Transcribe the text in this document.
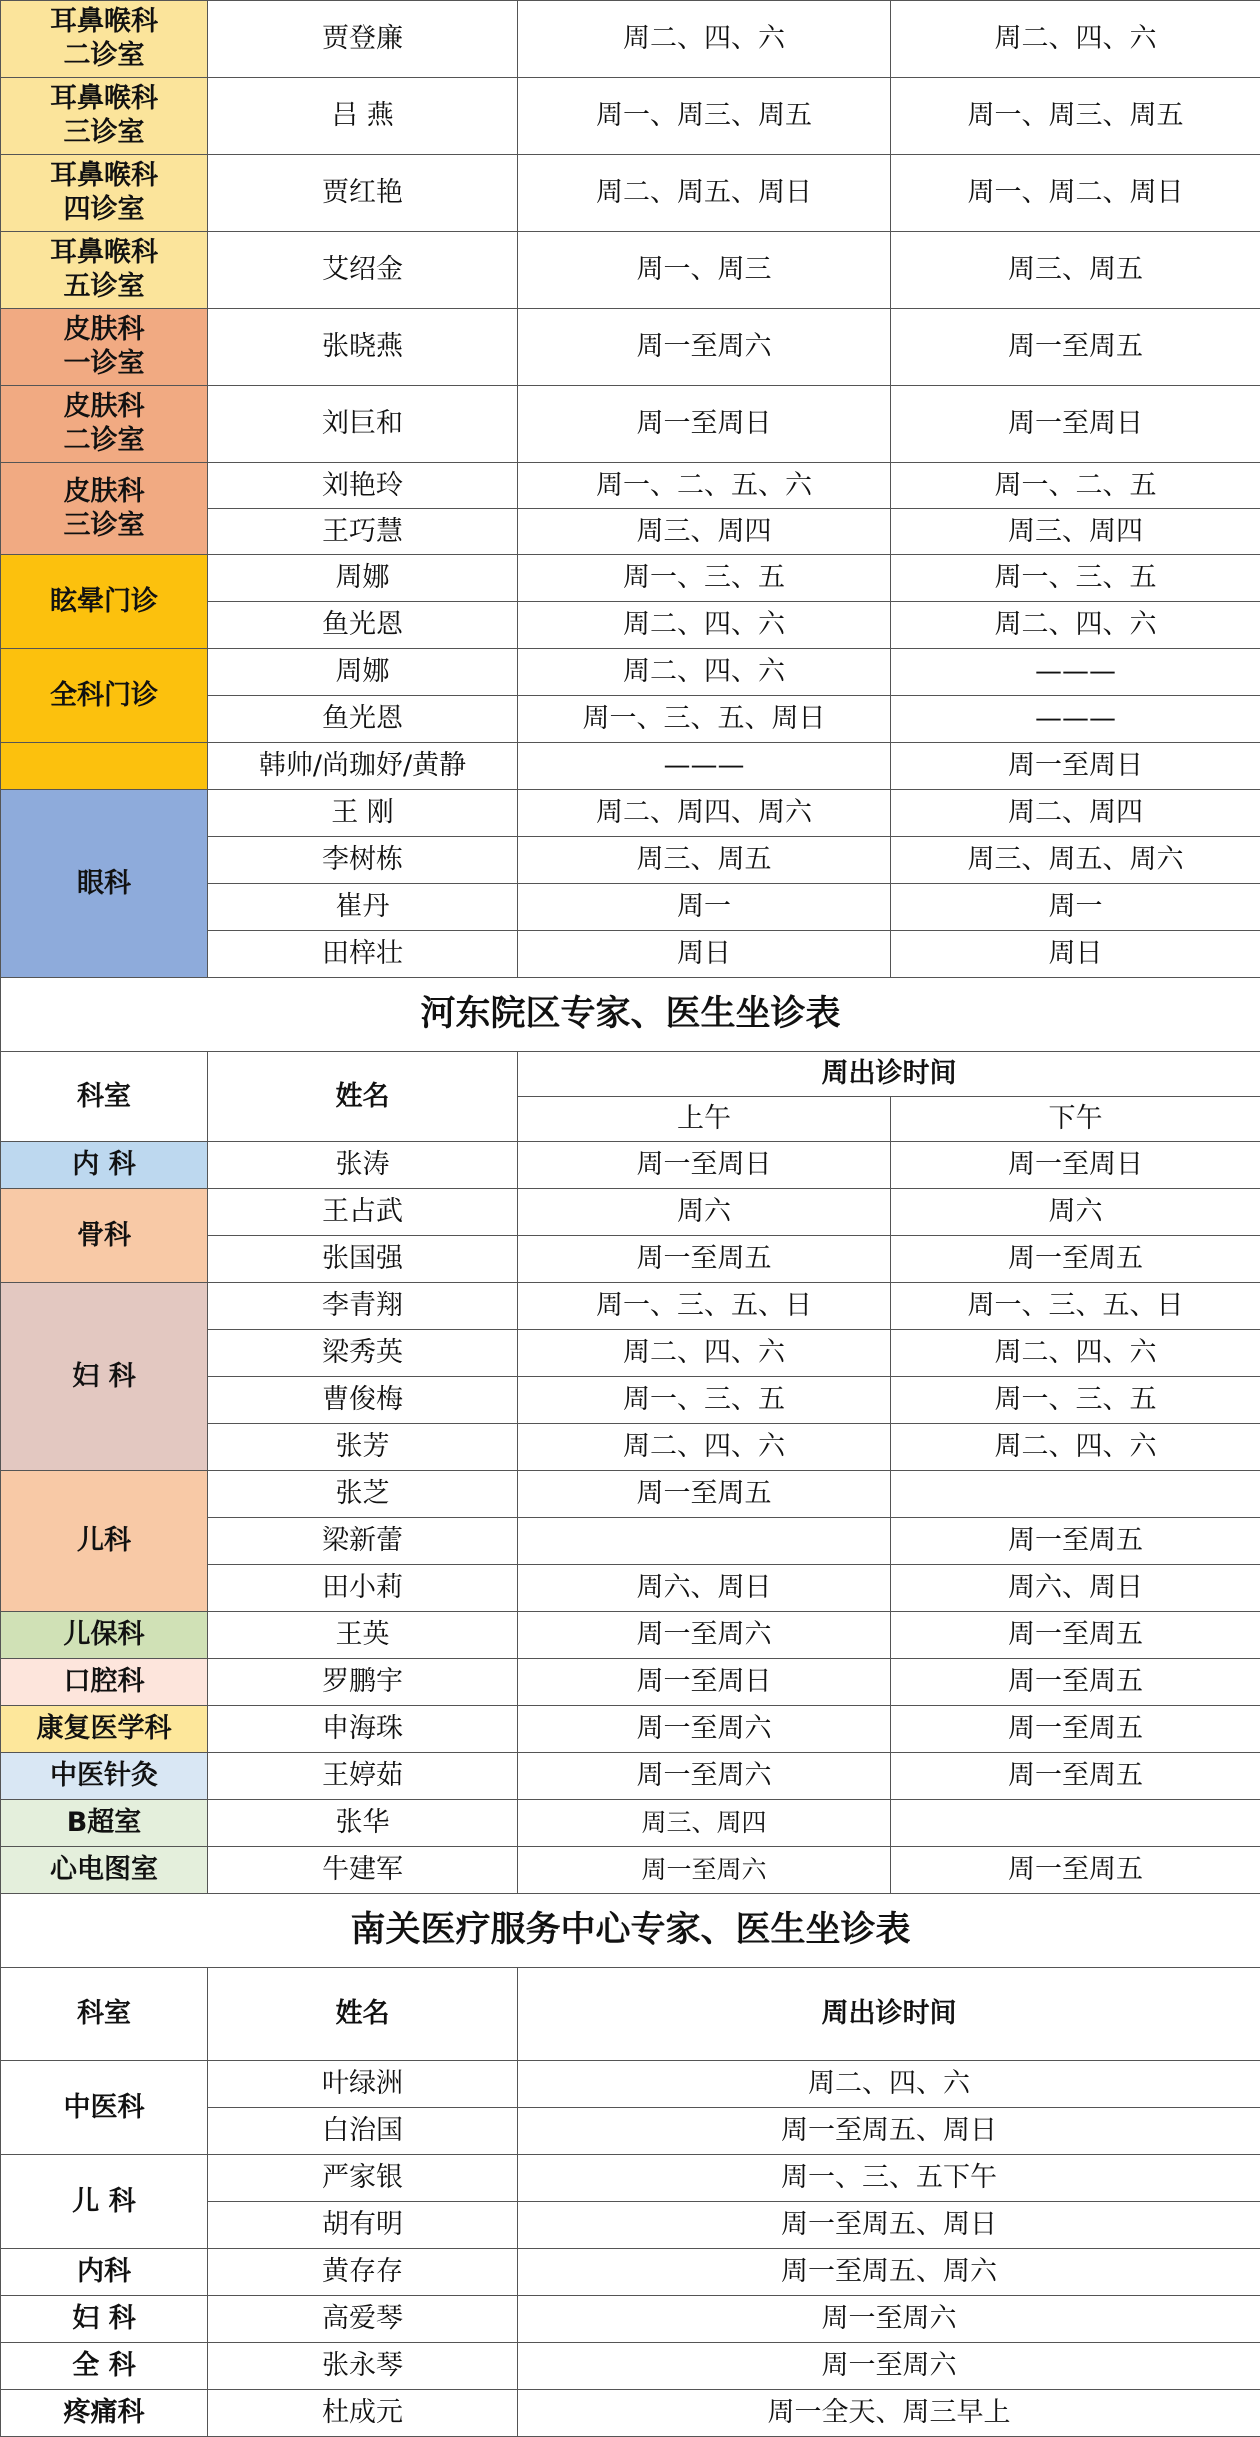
耳鼻喉科
二诊室	贾登廉	周二、四、六	周二、四、六
耳鼻喉科
三诊室	吕 燕	周一、周三、周五	周一、周三、周五
耳鼻喉科
四诊室	贾红艳	周二、周五、周日	周一、周二、周日
耳鼻喉科
五诊室	艾绍金	周一、周三	周三、周五
皮肤科
一诊室	张晓燕	周一至周六	周一至周五
皮肤科
二诊室	刘巨和	周一至周日	周一至周日
皮肤科
三诊室	刘艳玲	周一、二、五、六	周一、二、五
	王巧慧	周三、周四	周三、周四
眩晕门诊	周娜	周一、三、五	周一、三、五
	鱼光恩	周二、四、六	周二、四、六
全科门诊	周娜	周二、四、六	———
	鱼光恩	周一、三、五、周日	———
	韩帅/尚珈妤/黄静	———	周一至周日
眼科	王 刚	周二、周四、周六	周二、周四
	李树栋	周三、周五	周三、周五、周六
	崔丹	周一	周一
	田梓壮	周日	周日
河东院区专家、医生坐诊表			
科室	姓名	周出诊时间	
		上午	下午
内 科	张涛	周一至周日	周一至周日
骨科	王占武	周六	周六
	张国强	周一至周五	周一至周五
妇 科	李青翔	周一、三、五、日	周一、三、五、日
	梁秀英	周二、四、六	周二、四、六
	曹俊梅	周一、三、五	周一、三、五
	张芳	周二、四、六	周二、四、六
儿科	张芝	周一至周五	
	梁新蕾		周一至周五
	田小莉	周六、周日	周六、周日
儿保科	王英	周一至周六	周一至周五
口腔科	罗鹏宇	周一至周日	周一至周五
康复医学科	申海珠	周一至周六	周一至周五
中医针灸	王婷茹	周一至周六	周一至周五
B超室	张华	周三、周四	
心电图室	牛建军	周一至周六	周一至周五
南关医疗服务中心专家、医生坐诊表			
科室	姓名	周出诊时间	
中医科	叶绿洲	周二、四、六	
	白治国	周一至周五、周日	
儿 科	严家银	周一、三、五下午	
	胡有明	周一至周五、周日	
内科	黄存存	周一至周五、周六	
妇 科	高爱琴	周一至周六	
全 科	张永琴	周一至周六	
疼痛科	杜成元	周一全天、周三早上	
